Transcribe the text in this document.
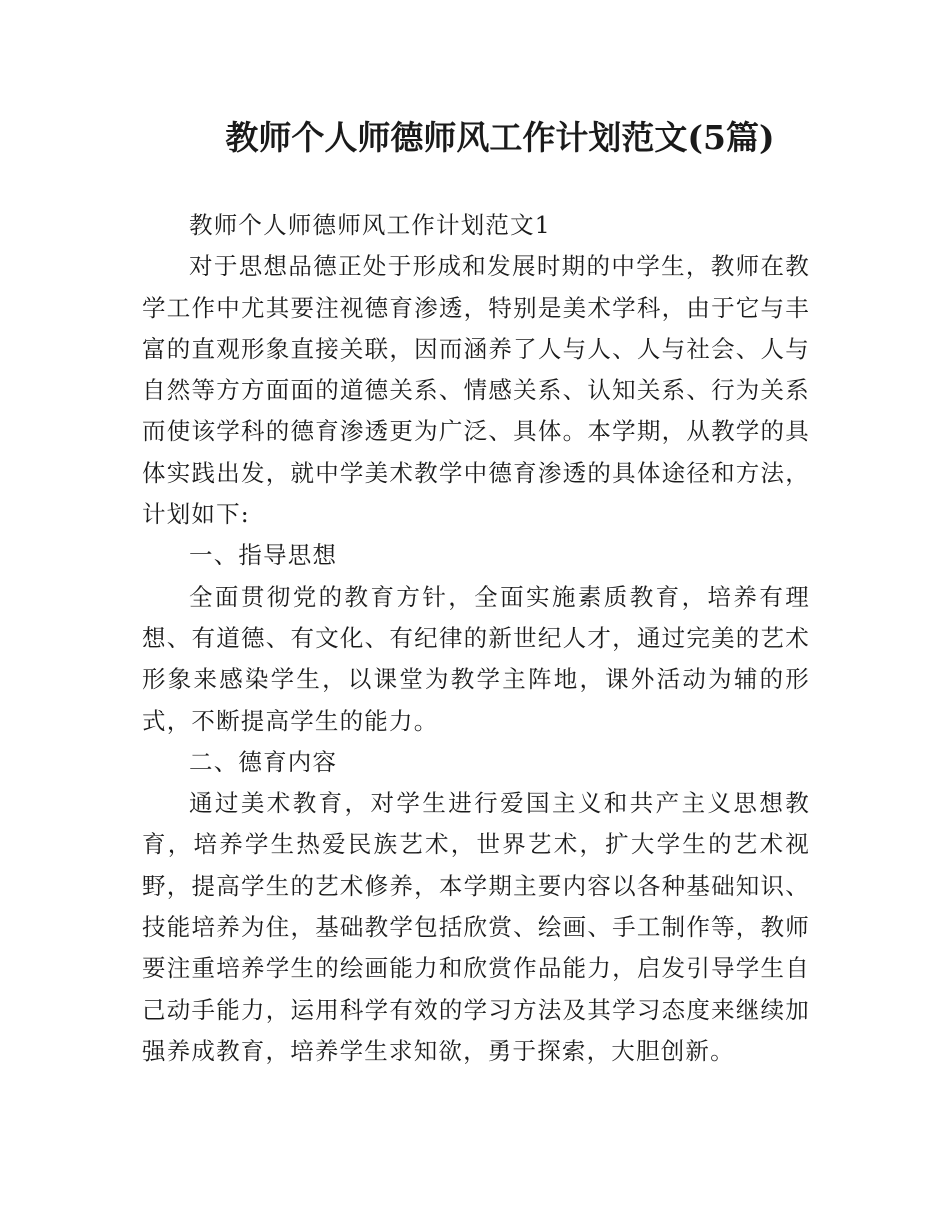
教师个人师德师风工作计划范文(5篇)

教师个人师德师风工作计划范文1

对于思想品德正处于形成和发展时期的中学生，教师在教学工作中尤其要注视德育渗透，特别是美术学科，由于它与丰富的直观形象直接关联，因而涵养了人与人、人与社会、人与自然等方方面面的道德关系、情感关系、认知关系、行为关系而使该学科的德育渗透更为广泛、具体。本学期，从教学的具体实践出发，就中学美术教学中德育渗透的具体途径和方法，计划如下:

一、指导思想

全面贯彻党的教育方针，全面实施素质教育，培养有理想、有道德、有文化、有纪律的新世纪人才，通过完美的艺术形象来感染学生，以课堂为教学主阵地，课外活动为辅的形式，不断提高学生的能力。

二、德育内容

通过美术教育，对学生进行爱国主义和共产主义思想教育，培养学生热爱民族艺术，世界艺术，扩大学生的艺术视野，提高学生的艺术修养，本学期主要内容以各种基础知识、技能培养为住，基础教学包括欣赏、绘画、手工制作等，教师要注重培养学生的绘画能力和欣赏作品能力，启发引导学生自己动手能力，运用科学有效的学习方法及其学习态度来继续加强养成教育，培养学生求知欲，勇于探索，大胆创新。
